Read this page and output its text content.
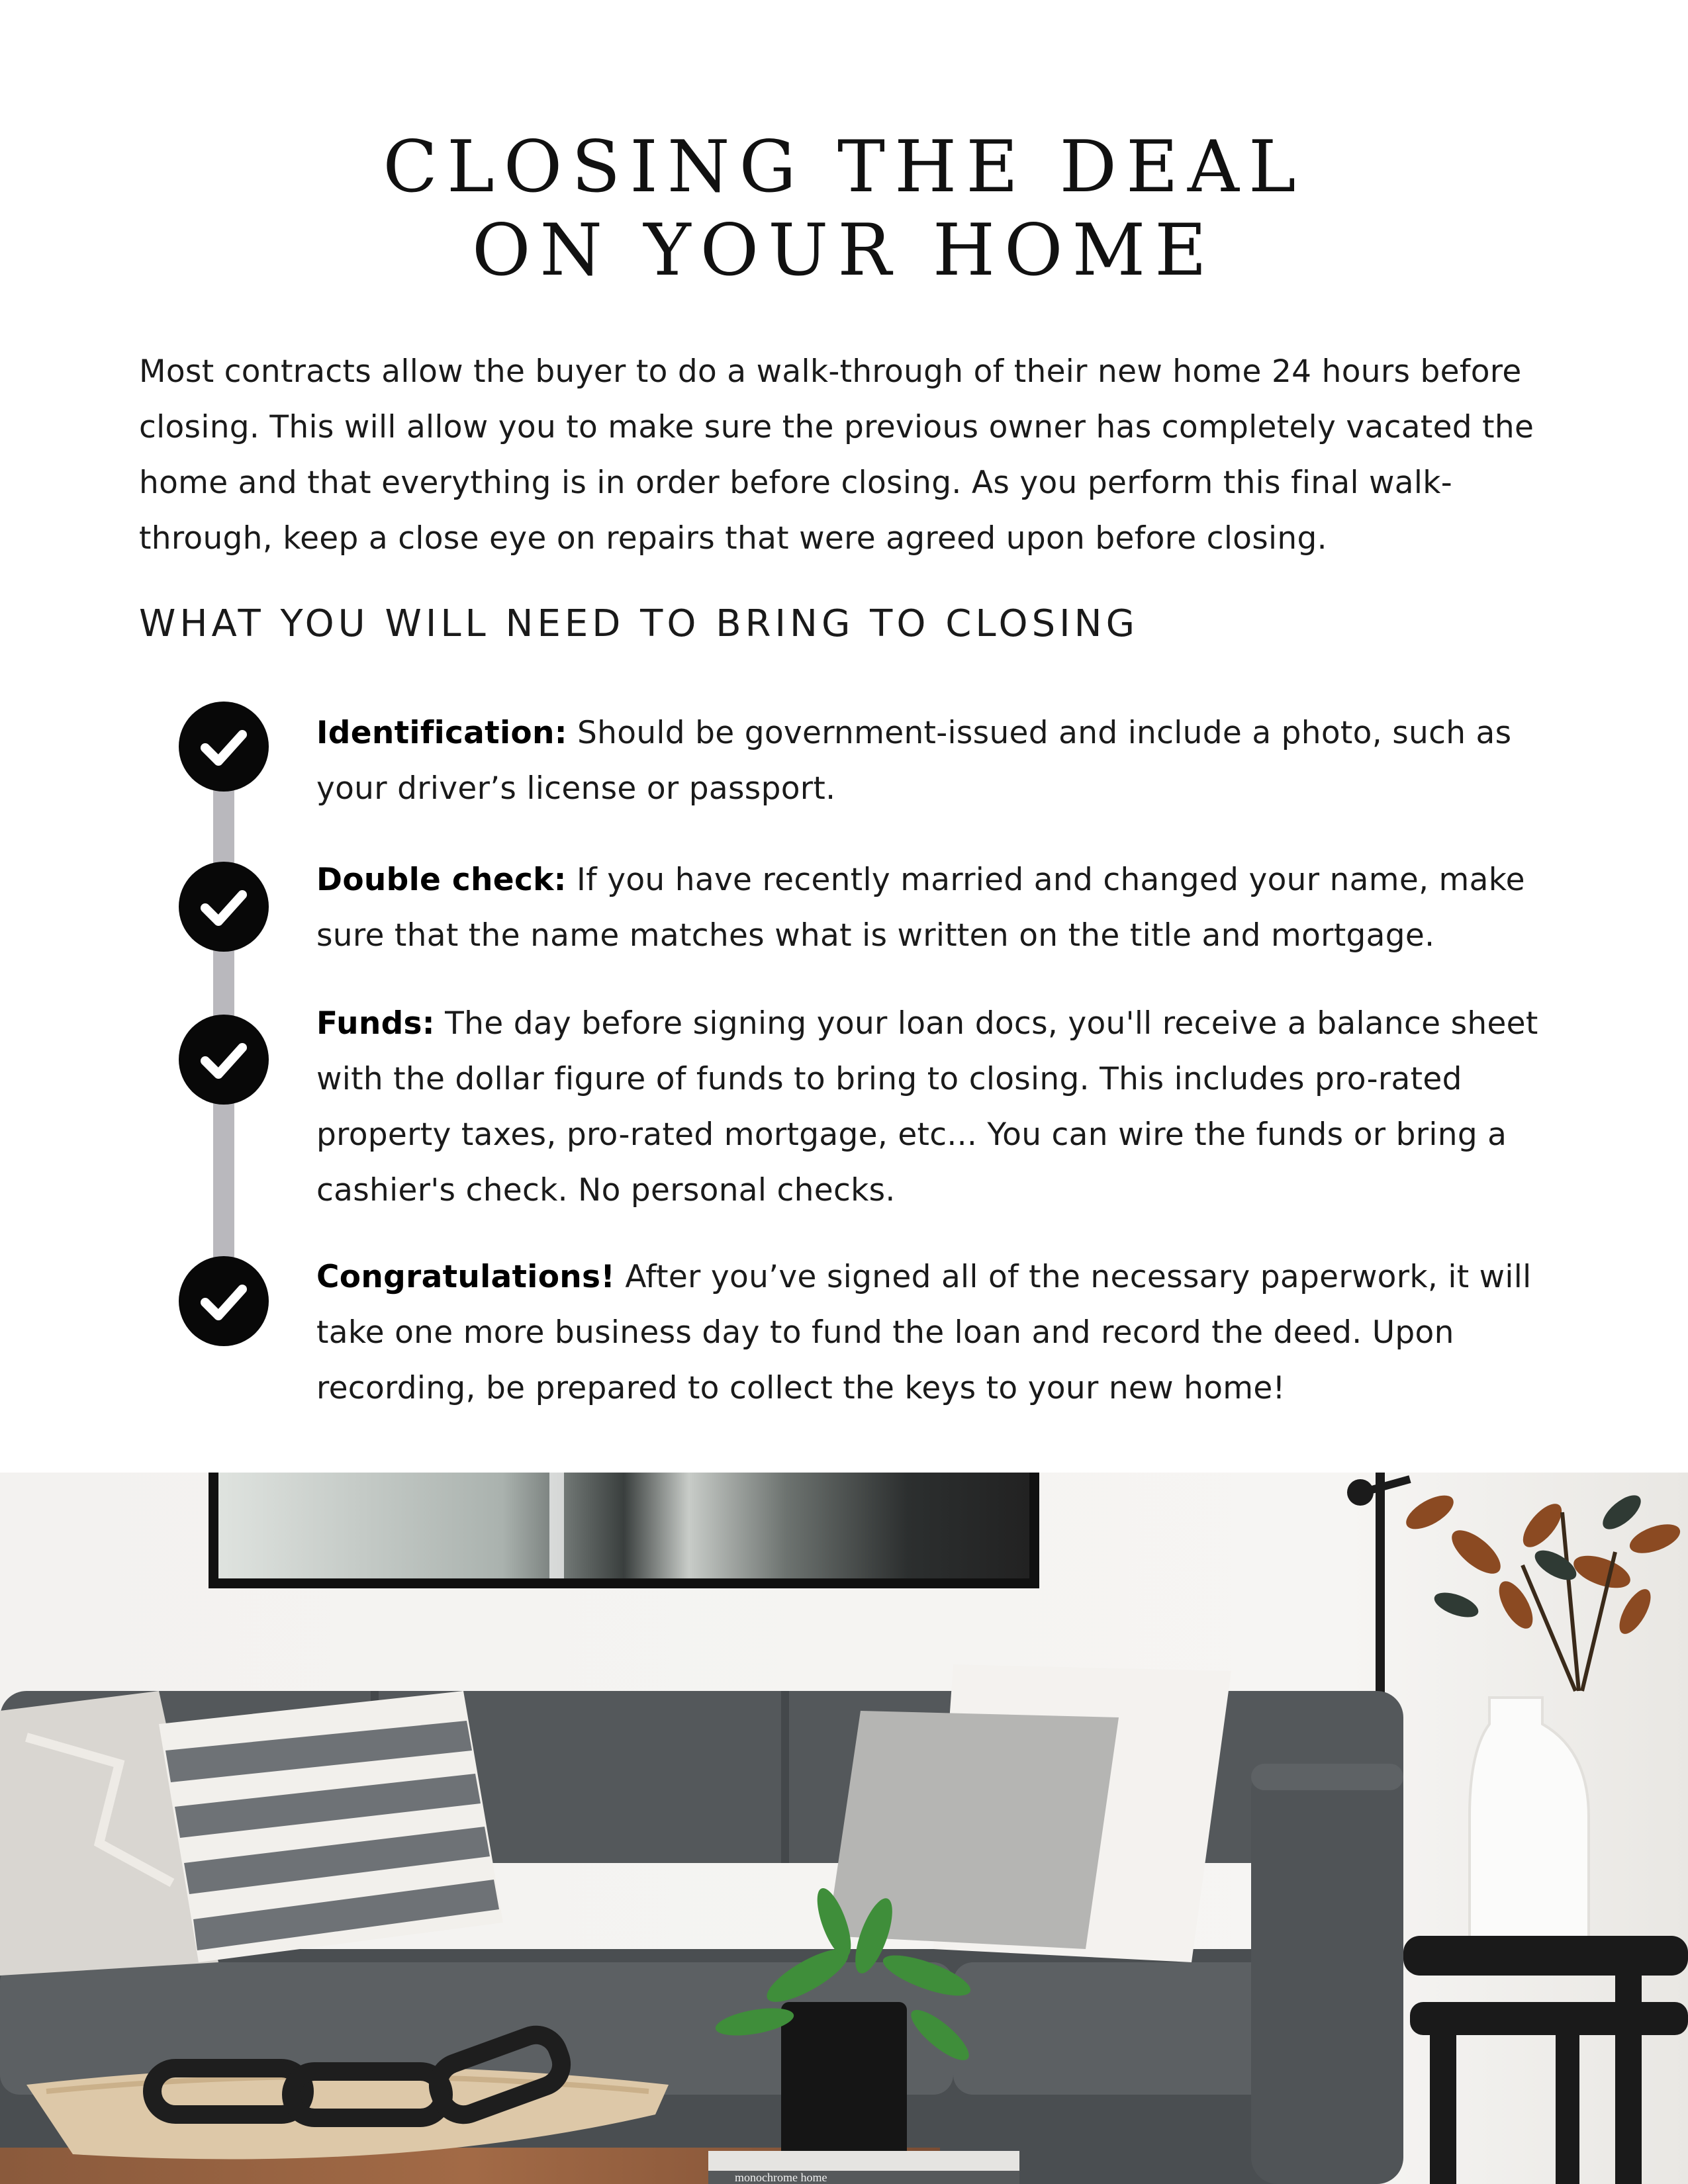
CLOSING THE DEAL
ON YOUR HOME

Most contracts allow the buyer to do a walk-through of their new home 24 hours before closing. This will allow you to make sure the previous owner has completely vacated the home and that everything is in order before closing. As you perform this final walk-through, keep a close eye on repairs that were agreed upon before closing.

WHAT YOU WILL NEED TO BRING TO CLOSING

Identification: Should be government-issued and include a photo, such as your driver’s license or passport.

Double check: If you have recently married and changed your name, make sure that the name matches what is written on the title and mortgage.

Funds: The day before signing your loan docs, you'll receive a balance sheet with the dollar figure of funds to bring to closing. This includes pro-rated property taxes, pro-rated mortgage, etc... You can wire the funds or bring a cashier's check. No personal checks.

Congratulations! After you’ve signed all of the necessary paperwork, it will take one more business day to fund the loan and record the deed. Upon recording, be prepared to collect the keys to your new home!

monochrome home
